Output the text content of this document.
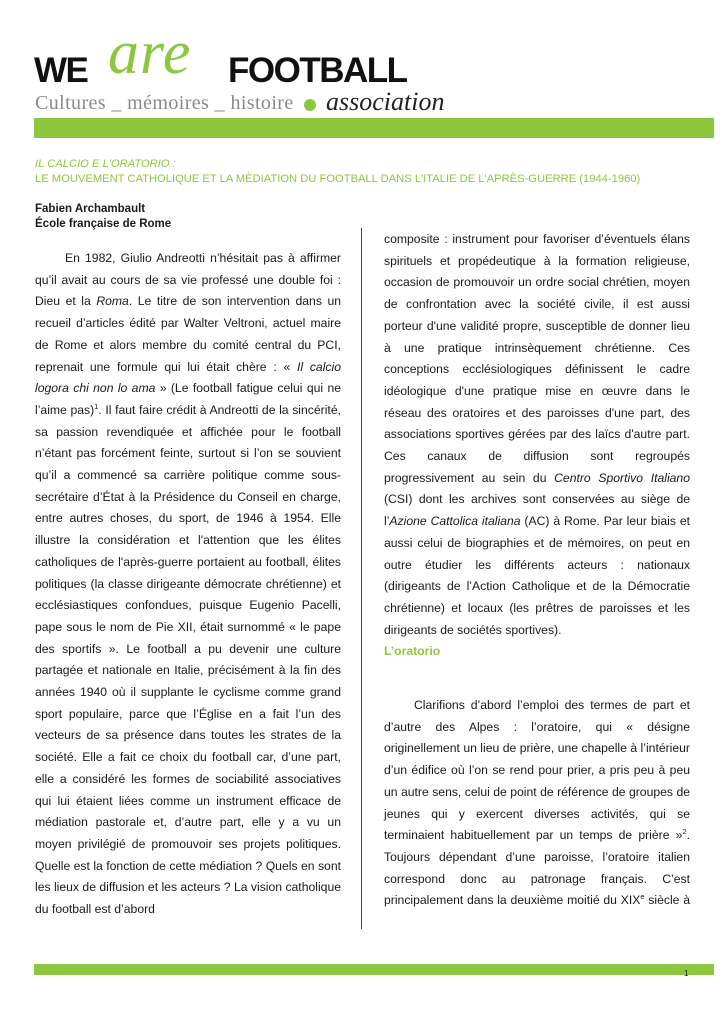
WE are FOOTBALL
Cultures _ mémoires _ histoire association
IL CALCIO E L'ORATORIO :
LE MOUVEMENT CATHOLIQUE ET LA MÈDIATION DU FOOTBALL DANS L'ITALIE DE L'APRÈS-GUERRE (1944-1960)
Fabien Archambault
École française de Rome

En 1982, Giulio Andreotti n’hésitait pas à affirmer qu’il avait au cours de sa vie professé une double foi : Dieu et la Roma. Le titre de son intervention dans un recueil d’articles édité par Walter Veltroni, actuel maire de Rome et alors membre du comité central du PCI, reprenait une formule qui lui était chère : « Il calcio logora chi non lo ama » (Le football fatigue celui qui ne l’aime pas)$^1$. Il faut faire crédit à Andreotti de la sincérité, sa passion revendiquée et affichée pour le football n’étant pas forcément feinte, surtout si l’on se souvient qu’il a commencé sa carrière politique comme sous-secrétaire d’État à la Présidence du Conseil en charge, entre autres choses, du sport, de 1946 à 1954. Elle illustre la considération et l'attention que les élites catholiques de l'après-guerre portaient au football, élites politiques (la classe dirigeante démocrate chrétienne) et ecclésiastiques confondues, puisque Eugenio Pacelli, pape sous le nom de Pie XII, était surnommé « le pape des sportifs ». Le football a pu devenir une culture partagée et nationale en Italie, précisément à la fin des années 1940 où il supplante le cyclisme comme grand sport populaire, parce que l’Église en a fait l’un des vecteurs de sa présence dans toutes les strates de la société. Elle a fait ce choix du football car, d’une part, elle a considéré les formes de sociabilité associatives qui lui étaient liées comme un instrument efficace de médiation pastorale et, d’autre part, elle y a vu un moyen privilégié de promouvoir ses projets politiques. Quelle est la fonction de cette médiation ? Quels en sont les lieux de diffusion et les acteurs ? La vision catholique du football est d’abord

composite : instrument pour favoriser d’éventuels élans spirituels et propédeutique à la formation religieuse, occasion de promouvoir un ordre social chrétien, moyen de confrontation avec la société civile, il est aussi porteur d'une validité propre, susceptible de donner lieu à une pratique intrinsèquement chrétienne. Ces conceptions ecclésiologiques définissent le cadre idéologique d'une pratique mise en œuvre dans le réseau des oratoires et des paroisses d'une part, des associations sportives gérées par des laïcs d'autre part. Ces canaux de diffusion sont regroupés progressivement au sein du Centro Sportivo Italiano (CSI) dont les archives sont conservées au siège de l’Azione Cattolica italiana (AC) à Rome. Par leur biais et aussi celui de biographies et de mémoires, on peut en outre étudier les différents acteurs : nationaux (dirigeants de l’Action Catholique et de la Démocratie chrétienne) et locaux (les prêtres de paroisses et les dirigeants de sociétés sportives).

L’oratorio

Clarifions d’abord l’emploi des termes de part et d’autre des Alpes : l’oratoire, qui « désigne originellement un lieu de prière, une chapelle à l’intérieur d’un édifice où l’on se rend pour prier, a pris peu à peu un autre sens, celui de point de référence de groupes de jeunes qui y exercent diverses activités, qui se terminaient habituellement par un temps de prière »$^2$. Toujours dépendant d’une paroisse, l’oratoire italien correspond donc au patronage français. C’est principalement dans la deuxième moitié du XIXe siècle à

1
